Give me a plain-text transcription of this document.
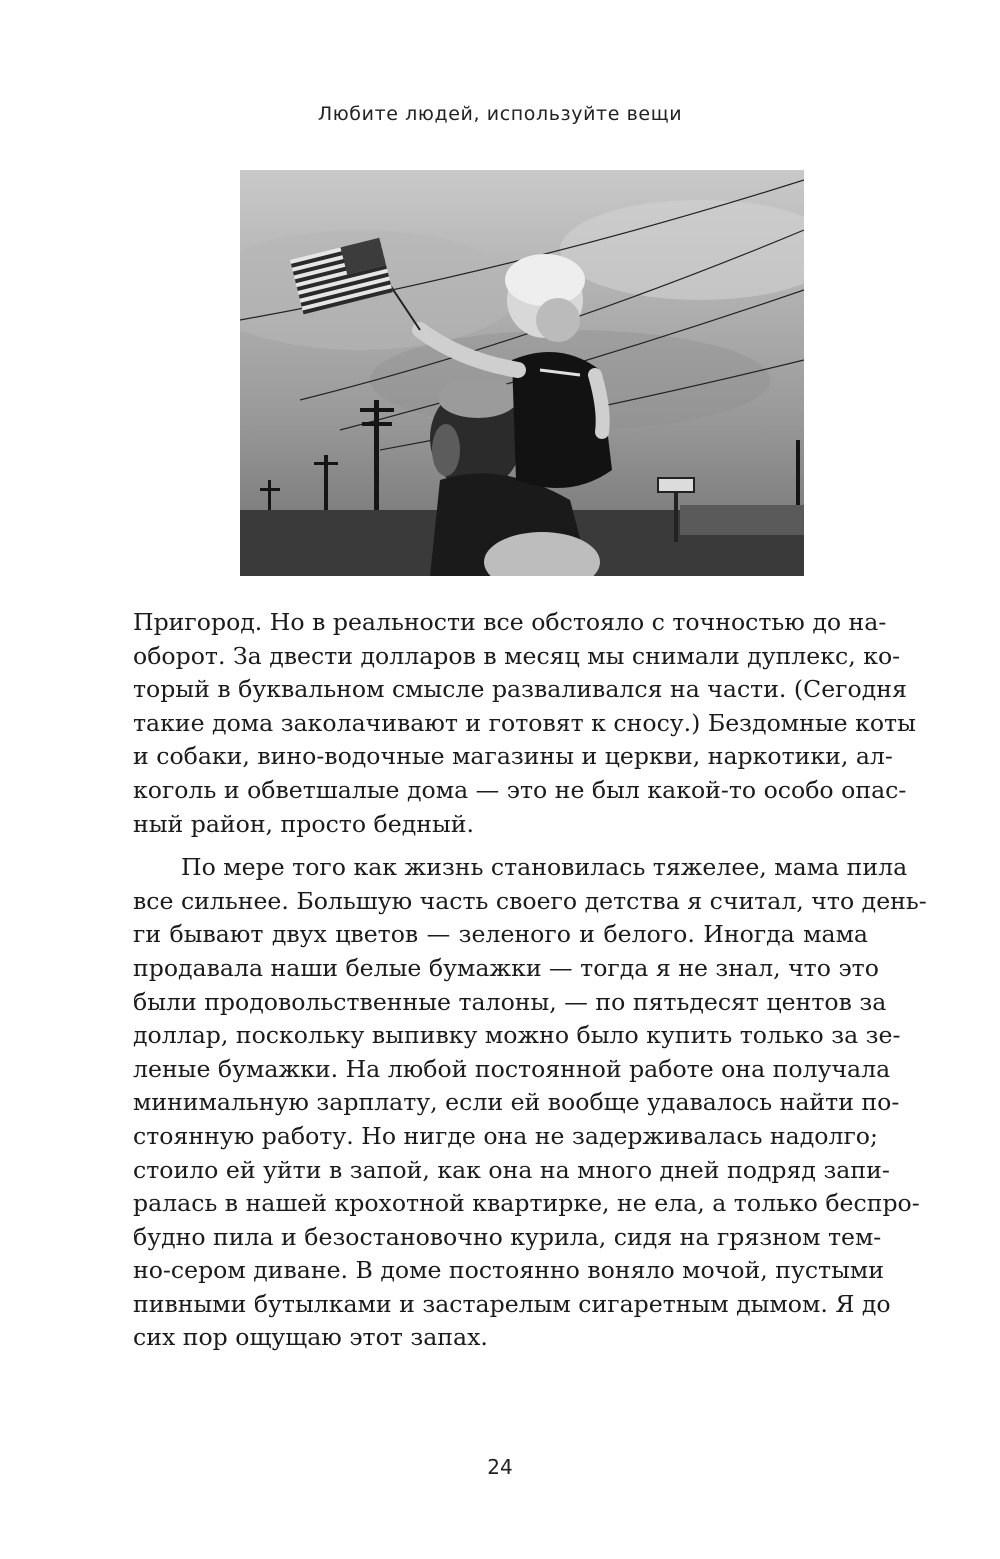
Любите людей, используйте вещи
Пригород. Но в реальности все обстояло с точностью до на-
оборот. За двести долларов в месяц мы снимали дуплекс, ко-
торый в буквальном смысле разваливался на части. (Сегодня
такие дома заколачивают и готовят к сносу.) Бездомные коты
и собаки, вино-водочные магазины и церкви, наркотики, ал-
коголь и обветшалые дома — это не был какой-то особо опас-
ный район, просто бедный.
По мере того как жизнь становилась тяжелее, мама пила
все сильнее. Большую часть своего детства я считал, что день-
ги бывают двух цветов — зеленого и белого. Иногда мама
продавала наши белые бумажки — тогда я не знал, что это
были продовольственные талоны, — по пятьдесят центов за
доллар, поскольку выпивку можно было купить только за зе-
леные бумажки. На любой постоянной работе она получала
минимальную зарплату, если ей вообще удавалось найти по-
стоянную работу. Но нигде она не задерживалась надолго;
стоило ей уйти в запой, как она на много дней подряд запи-
ралась в нашей крохотной квартирке, не ела, а только беспро-
будно пила и безостановочно курила, сидя на грязном тем-
но-сером диване. В доме постоянно воняло мочой, пустыми
пивными бутылками и застарелым сигаретным дымом. Я до
сих пор ощущаю этот запах.
24
